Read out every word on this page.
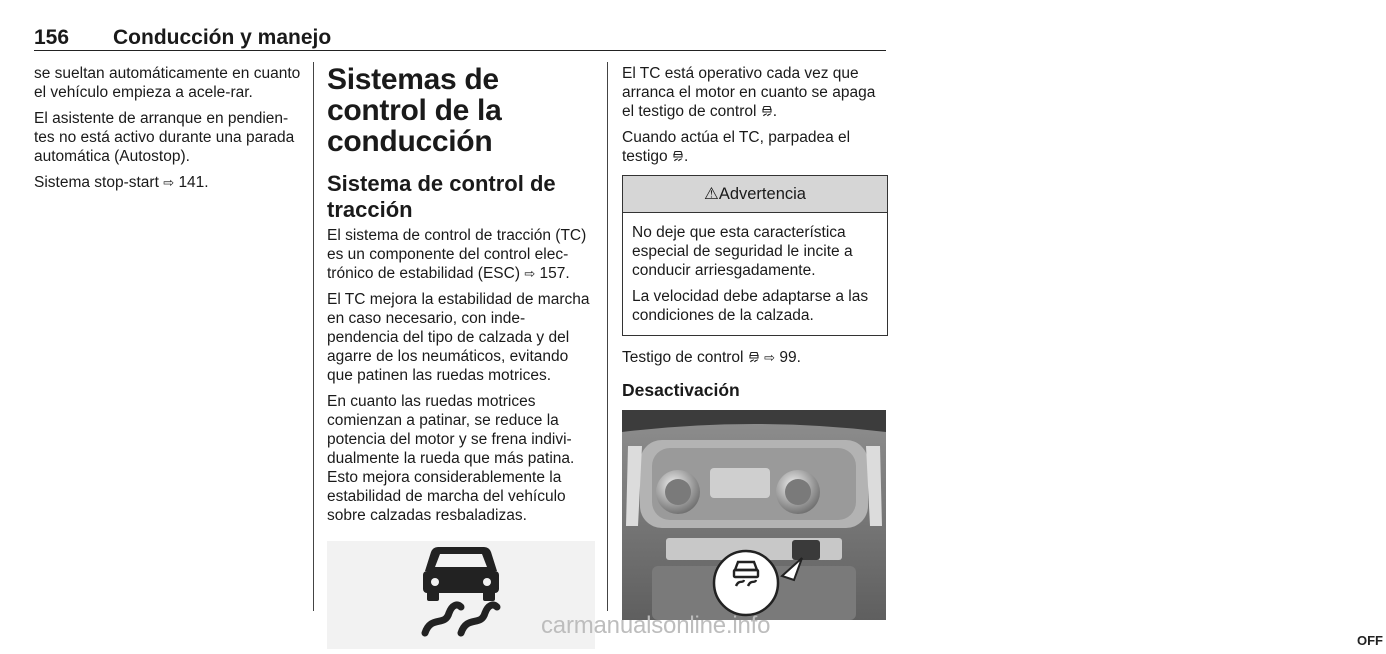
156 Conducción y manejo

se sueltan automáticamente en cuanto el vehículo empieza a acele-rar.

El asistente de arranque en pendien-tes no está activo durante una parada automática (Autostop).

Sistema stop-start ⇨ 141.

Sistemas de control de la conducción
Sistema de control de tracción

El sistema de control de tracción (TC) es un componente del control elec-trónico de estabilidad (ESC) ⇨ 157.

El TC mejora la estabilidad de marcha en caso necesario, con inde-pendencia del tipo de calzada y del agarre de los neumáticos, evitando que patinen las ruedas motrices.

En cuanto las ruedas motrices comienzan a patinar, se reduce la potencia del motor y se frena indivi-dualmente la rueda que más patina. Esto mejora considerablemente la estabilidad de marcha del vehículo sobre calzadas resbaladizas.

El TC está operativo cada vez que arranca el motor en cuanto se apaga el testigo de control .

Cuando actúa el TC, parpadea el testigo .

⚠ Advertencia

No deje que esta característica especial de seguridad le incite a conducir arriesgadamente.

La velocidad debe adaptarse a las condiciones de la calzada.

Testigo de control ⇨ 99.

Desactivación
OFF
carmanualsonline.info
